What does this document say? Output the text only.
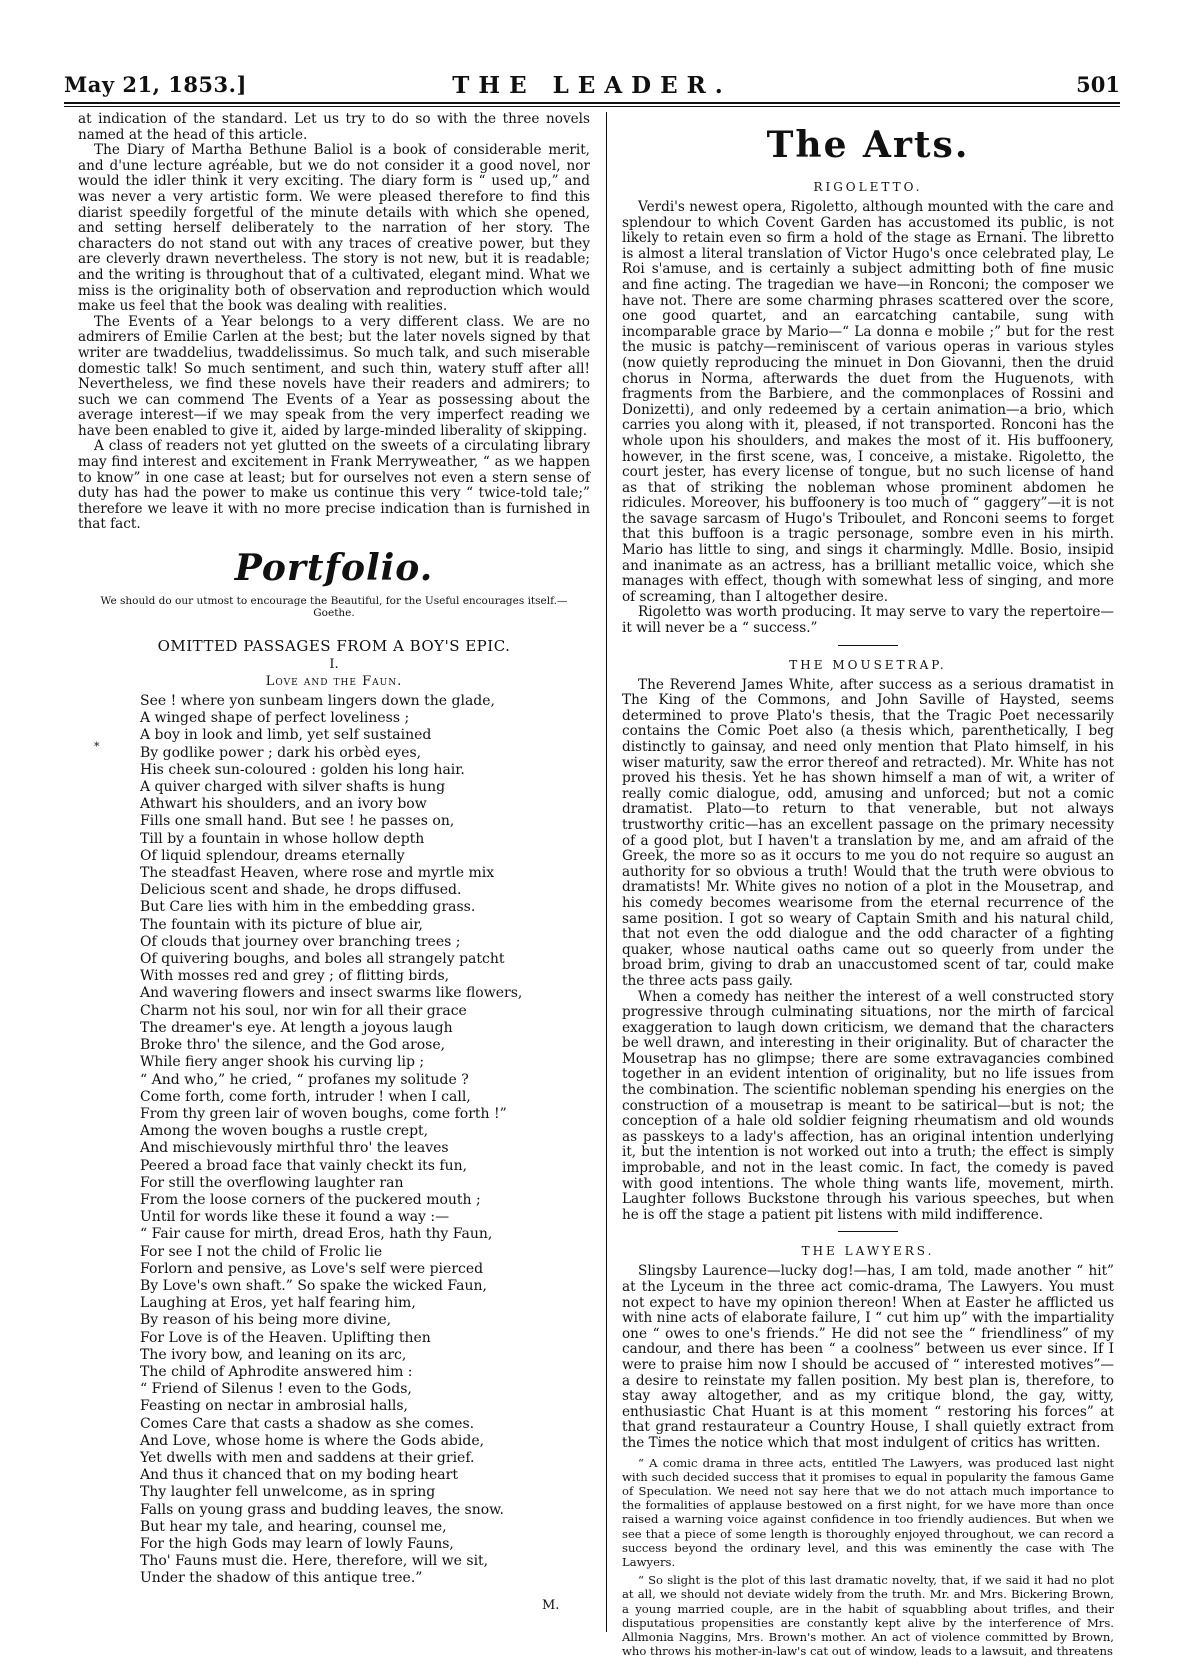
May 21, 1853.]	THE LEADER.	501

at indication of the standard. Let us try to do so with the three novels named at the head of this article.

The Diary of Martha Bethune Baliol is a book of considerable merit, and d'une lecture agréable, but we do not consider it a good novel, nor would the idler think it very exciting. The diary form is “ used up,” and was never a very artistic form. We were pleased therefore to find this diarist speedily forgetful of the minute details with which she opened, and setting herself deliberately to the narration of her story. The characters do not stand out with any traces of creative power, but they are cleverly drawn nevertheless. The story is not new, but it is readable; and the writing is throughout that of a cultivated, elegant mind. What we miss is the originality both of observation and reproduction which would make us feel that the book was dealing with realities.

The Events of a Year belongs to a very different class. We are no admirers of Emilie Carlen at the best; but the later novels signed by that writer are twaddelius, twaddelissimus. So much talk, and such miserable domestic talk! So much sentiment, and such thin, watery stuff after all! Nevertheless, we find these novels have their readers and admirers; to such we can commend The Events of a Year as possessing about the average interest—if we may speak from the very imperfect reading we have been enabled to give it, aided by large-minded liberality of skipping.

A class of readers not yet glutted on the sweets of a circulating library may find interest and excitement in Frank Merryweather, “ as we happen to know” in one case at least; but for ourselves not even a stern sense of duty has had the power to make us continue this very “ twice-told tale;” therefore we leave it with no more precise indication than is furnished in that fact.

Portfolio.
We should do our utmost to encourage the Beautiful, for the Useful encourages itself.—Goethe.
OMITTED PASSAGES FROM A BOY'S EPIC.
I.
Love and the Faun.
See ! where yon sunbeam lingers down the glade,
A winged shape of perfect loveliness ;
A boy in look and limb, yet self sustained
By godlike power ; dark his orbèd eyes,
His cheek sun-coloured : golden his long hair.
A quiver charged with silver shafts is hung
Athwart his shoulders, and an ivory bow
Fills one small hand. But see ! he passes on,
Till by a fountain in whose hollow depth
Of liquid splendour, dreams eternally
The steadfast Heaven, where rose and myrtle mix
Delicious scent and shade, he drops diffused.
But Care lies with him in the embedding grass.
The fountain with its picture of blue air,
Of clouds that journey over branching trees ;
Of quivering boughs, and boles all strangely patcht
With mosses red and grey ; of flitting birds,
And wavering flowers and insect swarms like flowers,
Charm not his soul, nor win for all their grace
The dreamer's eye. At length a joyous laugh
Broke thro' the silence, and the God arose,
While fiery anger shook his curving lip ;
“ And who,” he cried, “ profanes my solitude ?
Come forth, come forth, intruder ! when I call,
From thy green lair of woven boughs, come forth !”
Among the woven boughs a rustle crept,
And mischievously mirthful thro' the leaves
Peered a broad face that vainly checkt its fun,
For still the overflowing laughter ran
From the loose corners of the puckered mouth ;
Until for words like these it found a way :—
“ Fair cause for mirth, dread Eros, hath thy Faun,
For see I not the child of Frolic lie
Forlorn and pensive, as Love's self were pierced
By Love's own shaft.” So spake the wicked Faun,
Laughing at Eros, yet half fearing him,
By reason of his being more divine,
For Love is of the Heaven. Uplifting then
The ivory bow, and leaning on its arc,
The child of Aphrodite answered him :
“ Friend of Silenus ! even to the Gods,
Feasting on nectar in ambrosial halls,
Comes Care that casts a shadow as she comes.
And Love, whose home is where the Gods abide,
Yet dwells with men and saddens at their grief.
And thus it chanced that on my boding heart
Thy laughter fell unwelcome, as in spring
Falls on young grass and budding leaves, the snow.
But hear my tale, and hearing, counsel me,
For the high Gods may learn of lowly Fauns,
Tho' Fauns must die. Here, therefore, will we sit,
Under the shadow of this antique tree.”
*
M.
The Arts.
RIGOLETTO.

Verdi's newest opera, Rigoletto, although mounted with the care and splendour to which Covent Garden has accustomed its public, is not likely to retain even so firm a hold of the stage as Ernani. The libretto is almost a literal translation of Victor Hugo's once celebrated play, Le Roi s'amuse, and is certainly a subject admitting both of fine music and fine acting. The tragedian we have—in Ronconi; the composer we have not. There are some charming phrases scattered over the score, one good quartet, and an earcatching cantabile, sung with incomparable grace by Mario—“ La donna e mobile ;” but for the rest the music is patchy—reminiscent of various operas in various styles (now quietly reproducing the minuet in Don Giovanni, then the druid chorus in Norma, afterwards the duet from the Huguenots, with fragments from the Barbiere, and the commonplaces of Rossini and Donizetti), and only redeemed by a certain animation—a brio, which carries you along with it, pleased, if not transported. Ronconi has the whole upon his shoulders, and makes the most of it. His buffoonery, however, in the first scene, was, I conceive, a mistake. Rigoletto, the court jester, has every license of tongue, but no such license of hand as that of striking the nobleman whose prominent abdomen he ridicules. Moreover, his buffoonery is too much of “ gaggery”—it is not the savage sarcasm of Hugo's Triboulet, and Ronconi seems to forget that this buffoon is a tragic personage, sombre even in his mirth. Mario has little to sing, and sings it charmingly. Mdlle. Bosio, insipid and inanimate as an actress, has a brilliant metallic voice, which she manages with effect, though with somewhat less of singing, and more of screaming, than I altogether desire.

Rigoletto was worth producing. It may serve to vary the repertoire—it will never be a “ success.”

THE MOUSETRAP.

The Reverend James White, after success as a serious dramatist in The King of the Commons, and John Saville of Haysted, seems determined to prove Plato's thesis, that the Tragic Poet necessarily contains the Comic Poet also (a thesis which, parenthetically, I beg distinctly to gainsay, and need only mention that Plato himself, in his wiser maturity, saw the error thereof and retracted). Mr. White has not proved his thesis. Yet he has shown himself a man of wit, a writer of really comic dialogue, odd, amusing and unforced; but not a comic dramatist. Plato—to return to that venerable, but not always trustworthy critic—has an excellent passage on the primary necessity of a good plot, but I haven't a translation by me, and am afraid of the Greek, the more so as it occurs to me you do not require so august an authority for so obvious a truth! Would that the truth were obvious to dramatists! Mr. White gives no notion of a plot in the Mousetrap, and his comedy becomes wearisome from the eternal recurrence of the same position. I got so weary of Captain Smith and his natural child, that not even the odd dialogue and the odd character of a fighting quaker, whose nautical oaths came out so queerly from under the broad brim, giving to drab an unaccustomed scent of tar, could make the three acts pass gaily.

When a comedy has neither the interest of a well constructed story progressive through culminating situations, nor the mirth of farcical exaggeration to laugh down criticism, we demand that the characters be well drawn, and interesting in their originality. But of character the Mousetrap has no glimpse; there are some extravagancies combined together in an evident intention of originality, but no life issues from the combination. The scientific nobleman spending his energies on the construction of a mousetrap is meant to be satirical—but is not; the conception of a hale old soldier feigning rheumatism and old wounds as passkeys to a lady's affection, has an original intention underlying it, but the intention is not worked out into a truth; the effect is simply improbable, and not in the least comic. In fact, the comedy is paved with good intentions. The whole thing wants life, movement, mirth. Laughter follows Buckstone through his various speeches, but when he is off the stage a patient pit listens with mild indifference.

THE LAWYERS.

Slingsby Laurence—lucky dog!—has, I am told, made another “ hit” at the Lyceum in the three act comic-drama, The Lawyers. You must not expect to have my opinion thereon! When at Easter he afflicted us with nine acts of elaborate failure, I “ cut him up” with the impartiality one “ owes to one's friends.” He did not see the “ friendliness” of my candour, and there has been “ a coolness” between us ever since. If I were to praise him now I should be accused of “ interested motives”—a desire to reinstate my fallen position. My best plan is, therefore, to stay away altogether, and as my critique blond, the gay, witty, enthusiastic Chat Huant is at this moment “ restoring his forces” at that grand restaurateur a Country House, I shall quietly extract from the Times the notice which that most indulgent of critics has written.

“ A comic drama in three acts, entitled The Lawyers, was produced last night with such decided success that it promises to equal in popularity the famous Game of Speculation. We need not say here that we do not attach much importance to the formalities of applause bestowed on a first night, for we have more than once raised a warning voice against confidence in too friendly audiences. But when we see that a piece of some length is thoroughly enjoyed throughout, we can record a success beyond the ordinary level, and this was eminently the case with The Lawyers.

“ So slight is the plot of this last dramatic novelty, that, if we said it had no plot at all, we should not deviate widely from the truth. Mr. and Mrs. Bickering Brown, a young married couple, are in the habit of squabbling about trifles, and their disputatious propensities are constantly kept alive by the interference of Mrs. Allmonia Naggins, Mrs. Brown's mother. An act of violence committed by Brown, who throws his mother-in-law's cat out of window, leads to a lawsuit, and threatens
